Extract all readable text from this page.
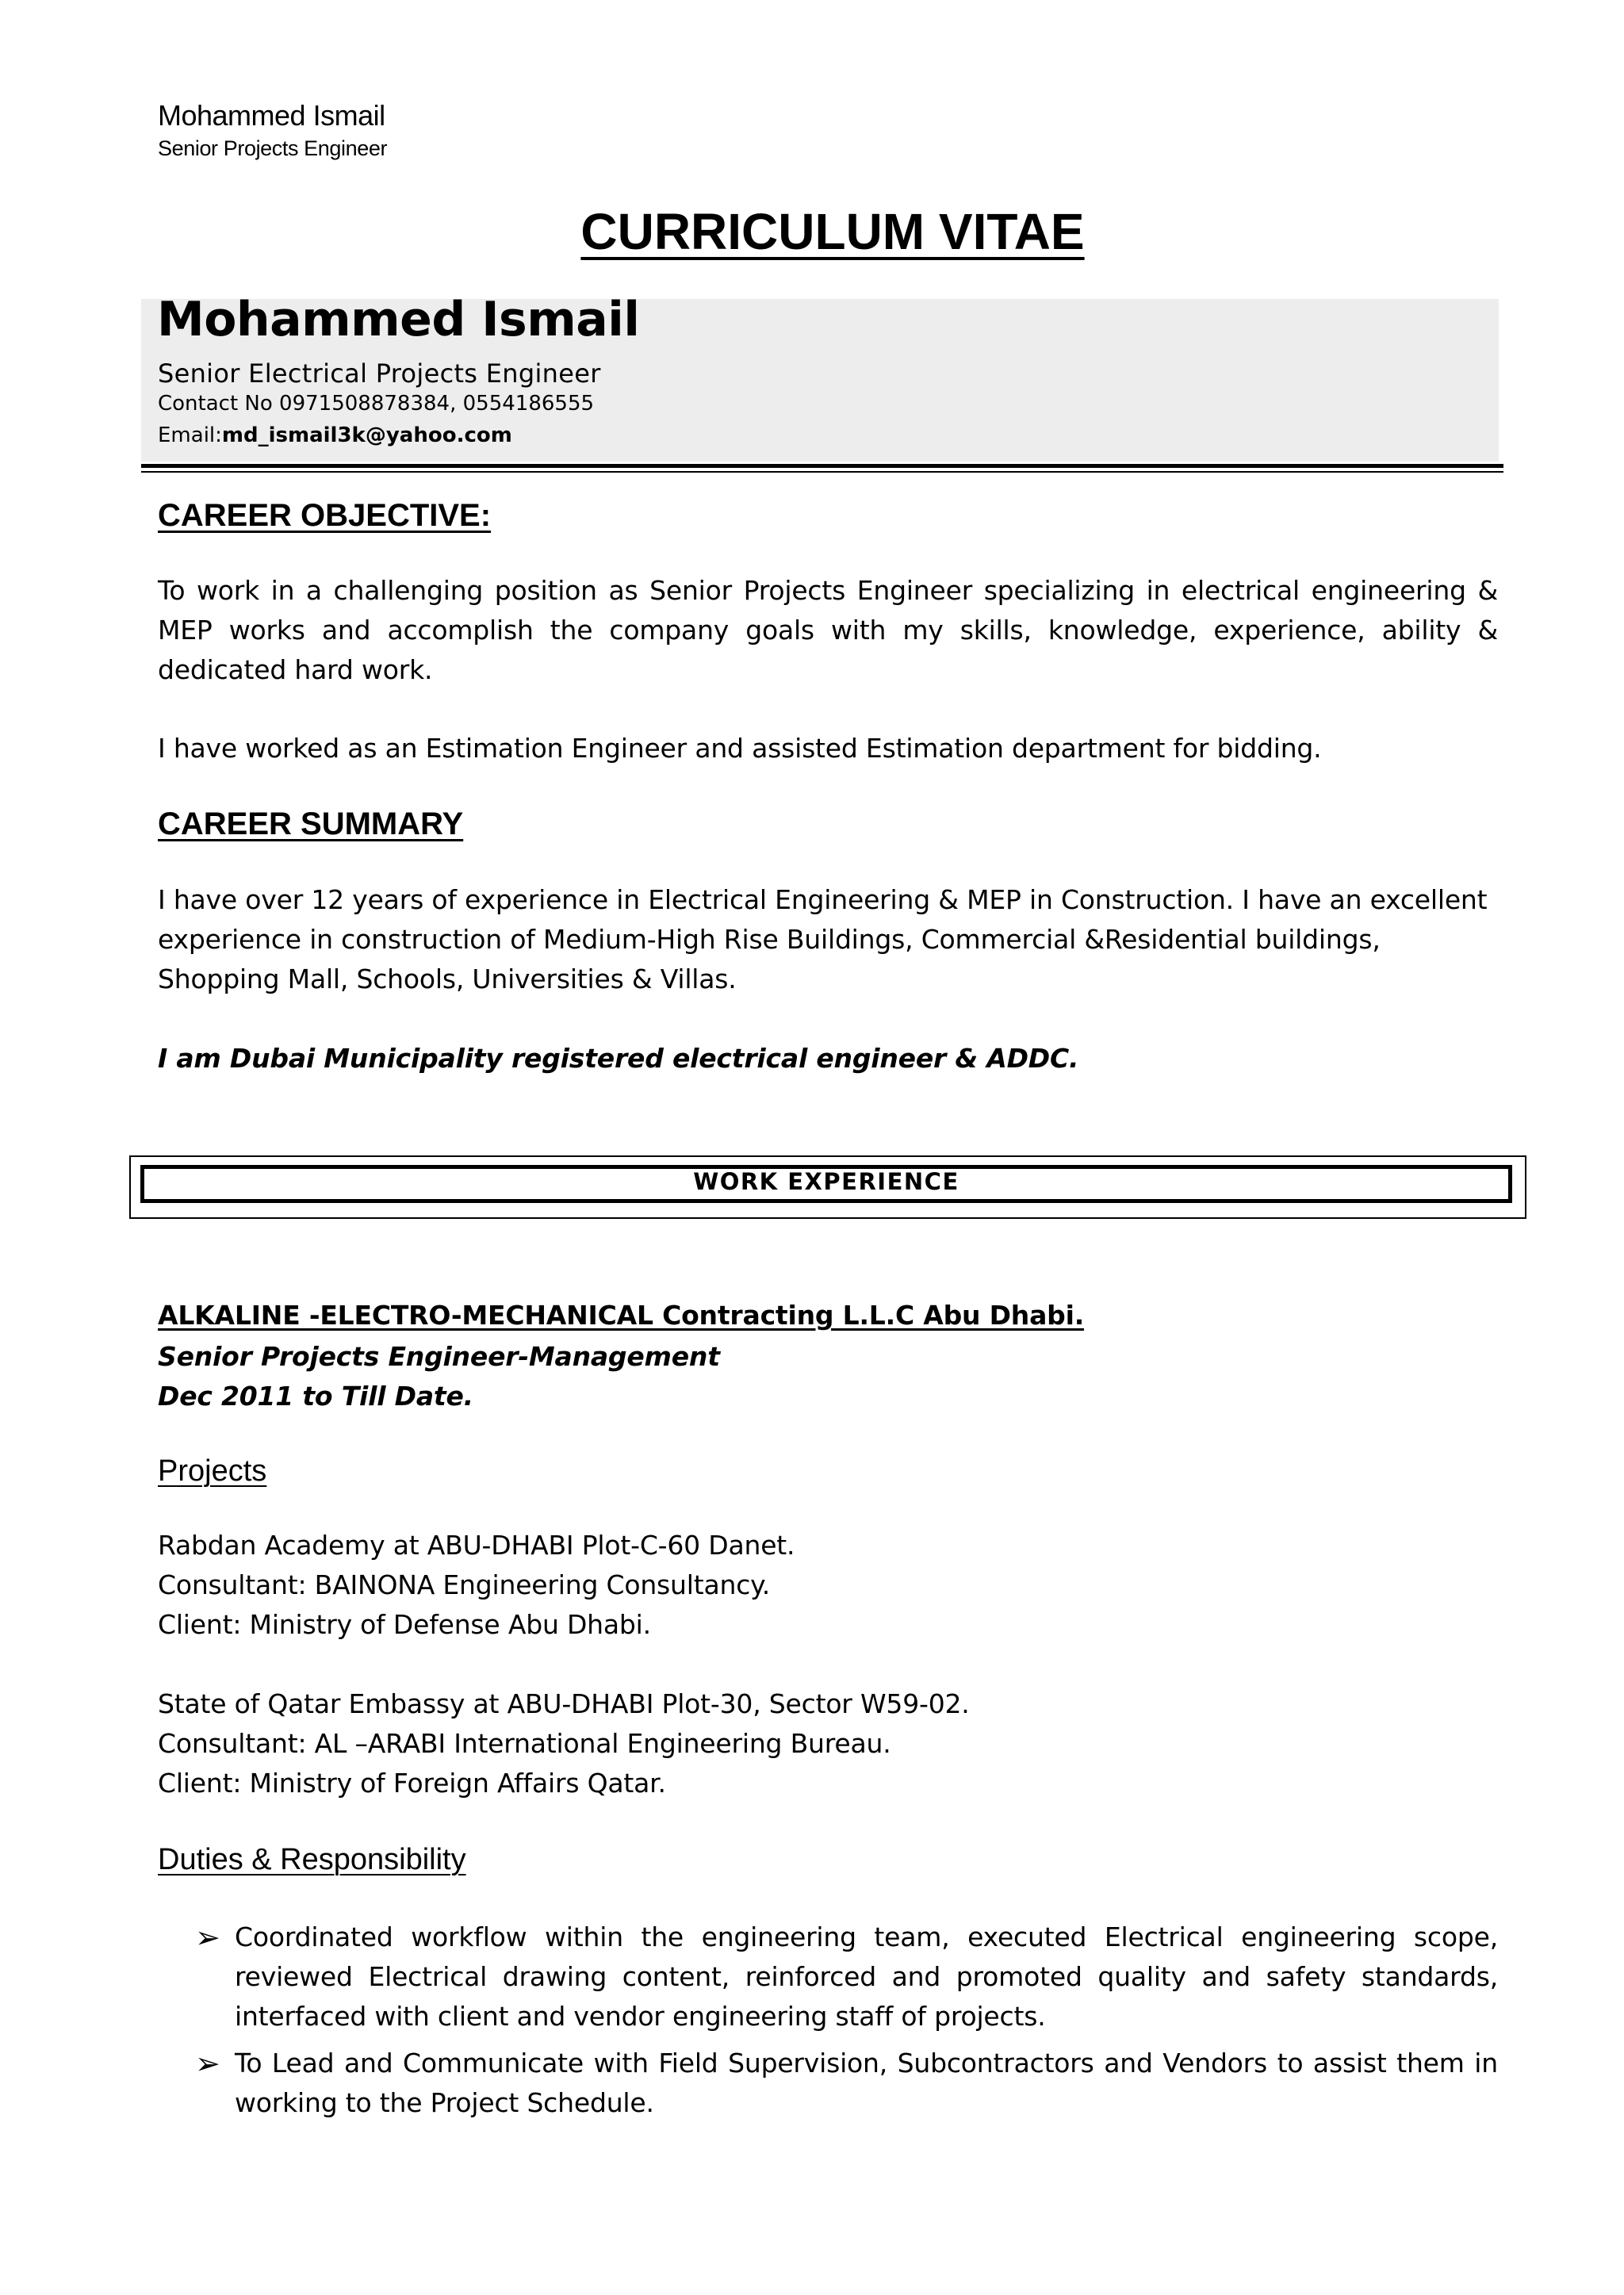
Mohammed Ismail
Senior Projects Engineer
CURRICULUM VITAE
Mohammed Ismail
Senior Electrical Projects Engineer
Contact No 0971508878384, 0554186555
Email:md_ismail3k@yahoo.com
CAREER OBJECTIVE:
To work in a challenging position as Senior Projects Engineer specializing in electrical engineering & MEP works and accomplish the company goals with my skills, knowledge, experience, ability & dedicated hard work.
I have worked as an Estimation Engineer and assisted Estimation department for bidding.
CAREER SUMMARY
I have over 12 years of experience in Electrical Engineering & MEP in Construction. I have an excellent experience in construction of Medium-High Rise Buildings, Commercial &Residential buildings, Shopping Mall, Schools, Universities & Villas.
I am Dubai Municipality registered electrical engineer & ADDC.
WORK EXPERIENCE
ALKALINE -ELECTRO-MECHANICAL Contracting L.L.C Abu Dhabi.
Senior Projects Engineer-Management
Dec 2011 to Till Date.
Projects
Rabdan Academy at ABU-DHABI Plot-C-60 Danet.
Consultant: BAINONA Engineering Consultancy.
Client: Ministry of Defense Abu Dhabi.
State of Qatar Embassy at ABU-DHABI Plot-30, Sector W59-02.
Consultant: AL –ARABI International Engineering Bureau.
Client: Ministry of Foreign Affairs Qatar.
Duties & Responsibility
➢ Coordinated workflow within the engineering team, executed Electrical engineering scope, reviewed Electrical drawing content, reinforced and promoted quality and safety standards, interfaced with client and vendor engineering staff of projects.
➢ To Lead and Communicate with Field Supervision, Subcontractors and Vendors to assist them in working to the Project Schedule.
